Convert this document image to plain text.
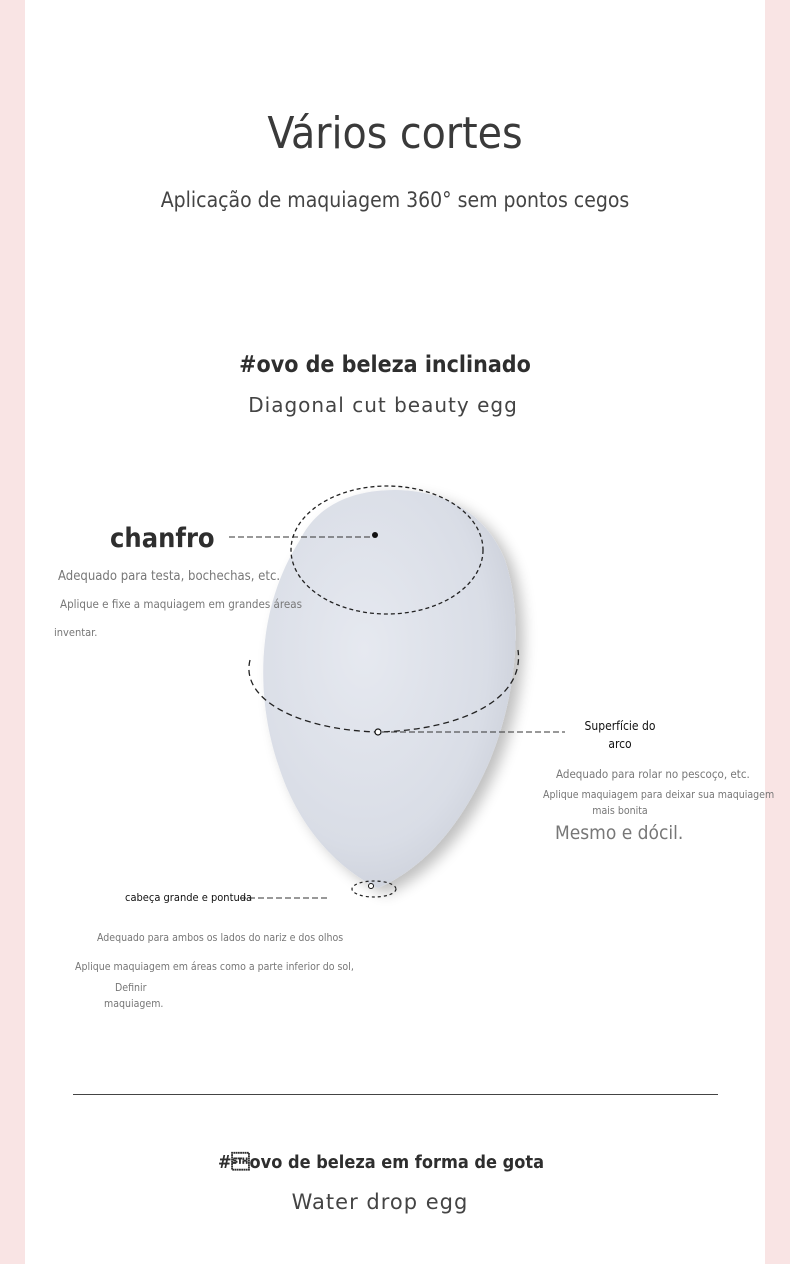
Vários cortes
Aplicação de maquiagem 360° sem pontos cegos
#ovo de beleza inclinado
Diagonal cut beauty egg
chanfro
Adequado para testa, bochechas, etc.
Aplique e fixe a maquiagem em grandes áreas
inventar.
Superfície do
arco
Adequado para rolar no pescoço, etc.
Aplique maquiagem para deixar sua maquiagem
mais bonita
Mesmo e dócil.
cabeça grande e pontuda
Adequado para ambos os lados do nariz e dos olhos
Aplique maquiagem em áreas como a parte inferior do sol,
Definir
maquiagem.
#ovo de beleza em forma de gota
Water drop egg
